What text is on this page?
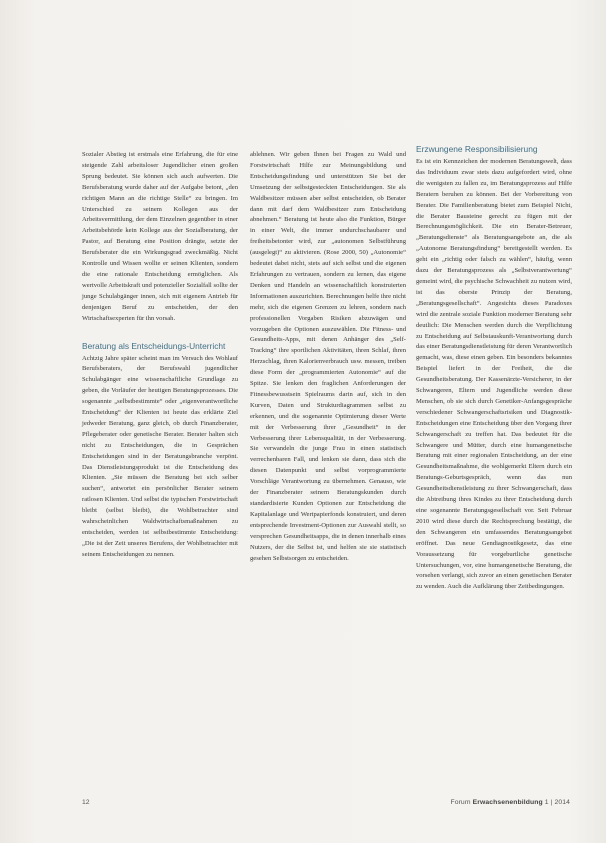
Sozialer Abstieg ist erstmals eine Erfahrung, die für eine steigende Zahl arbeitsloser Jugendlicher einen großen Sprung bedeutet. Sie können sich auch aufwerten. Die Berufsberatung wurde daher auf der Aufgabe betont, „den richtigen Mann an die richtige Stelle“ zu bringen. Im Unterschied zu seinem Kollegen aus der Arbeitsvermittlung, der dem Einzelnen gegenüber in einer Arbeitsbehörde kein Kollege aus der Sozialberatung, der Pastor, auf Beratung eine Position drängte, setzte der Berufsberater die ein Wirkungsgrad zweckmäßig. Nicht Kontrolle und Wissen wollte er seinen Klienten, sondern die eine rationale Entscheidung ermöglichen. Als wertvolle Arbeitskraft und potenzieller Sozialfall sollte der junge Schulabgänger innen, sich mit eigenem Antrieb für denjenigen Beruf zu entscheiden, der den Wirtschaftsexperten für ihn vorsah.

Beratung als Entscheidungs-Unterricht

Achtzig Jahre später scheint man im Versuch des Wohlauf Berufsberaters, der Berufswahl jugendlicher Schulabgänger eine wissenschaftliche Grundlage zu geben, die Vorläufer der heutigen Beratungsprozesses. Die sogenannte „selbstbestimmte“ oder „eigenverantwortliche Entscheidung“ der Klienten ist heute das erklärte Ziel jedweder Beratung, ganz gleich, ob durch Finanzberater, Pflegeberater oder genetische Berater. Berater halten sich nicht zu Entscheidungen, die in Gesprächen Entscheidungen sind in der Beratungsbranche verpönt. Das Dienstleistungsprodukt ist die Entscheidung des Klienten. „Sie müssen die Beratung bei sich selber suchen“, antwortet ein persönlicher Berater seinem ratlosen Klienten. Und selbst die typischen Forstwirtschaft bleibt (selbst bleibt), die Wohlbetrachter sind wahrscheinlichen Waldwirtschaftsmaßnahmen zu entscheiden, werden ist selbstbestimmte Entscheidung: „Die ist der Zeit unseres Berufens, der Wohlbetrachter mit seinem Entscheidungen zu nennen.

ablehnen. Wir geben Ihnen bei Fragen zu Wald und Forstwirtschaft Hilfe zur Meinungsbildung und Entscheidungsfindung und unterstützen Sie bei der Umsetzung der selbstgesteckten Entscheidungen. Sie als Waldbesitzer müssen aber selbst entscheiden, ob Berater dann mit darf dem Waldbesitzer zum Entscheidung abnehmen.“ Beratung ist heute also die Funktion, Bürger in einer Welt, die immer undurchschaubarer und freiheitsbetonter wird, zur „autonomen Selbstführung (ausgelegt)“ zu aktivieren. (Rose 2000, 50) „Autonomie“ bedeutet dabei nicht, stets auf sich selbst und die eigenen Erfahrungen zu vertrauen, sondern zu lernen, das eigene Denken und Handeln an wissenschaftlich konstruierten Informationen auszurichten. Berechnungen helfe ihre nicht mehr, sich die eigenen Grenzen zu lehren, sondern nach professionellen Vorgaben Risiken abzuwägen und vorzugeben die Optionen auszuwählen. Die Fitness- und Gesundheits-Apps, mit denen Anhänger des „Self-Tracking“ ihre sportlichen Aktivitäten, ihren Schlaf, ihren Herzschlag, ihren Kalorienverbrauch usw. messen, treiben diese Form der „programmierten Autonomie“ auf die Spitze. Sie lenken den fraglichen Anforderungen der Fitnessbewusstsein Spielraums darin auf, sich in den Kurven, Daten und Strukturdiagrammen selbst zu erkennen, und die sogenannte Optimierung dieser Werte mit der Verbesserung ihrer „Gesundheit“ in der Verbesserung ihrer Lebensqualität, in der Verbesserung. Sie verwandeln die junge Frau in einen statistisch verrechenbaren Fall, und lenken sie dann, dass sich die diesen Datenpunkt und selbst vorprogrammierte Vorschläge Verantwortung zu übernehmen. Genauso, wie der Finanzberater seinem Beratungskunden durch standardisierte Kunden Optionen zur Entscheidung die Kapitalanlage und Wertpapierfonds konstruiert, und deren entsprechende Investment-Optionen zur Auswahl stellt, so versprechen Gesundheitsapps, die in denen innerhalb eines Nutzers, der die Selbst ist, und helfen sie sie statistisch gesehen Selbstsorgen zu entscheiden.

Erzwungene Responsibilisierung

Es ist ein Kennzeichen der modernen Beratungswelt, dass das Individuum zwar stets dazu aufgefordert wird, ohne die wenigsten zu fallen zu, im Beratungsprozess auf Hilfe Beratern beruhen zu können. Bei der Vorbereitung von Berater. Die Familienberatung bietet zum Beispiel Nicht, die Berater Bausteine gerecht zu fügen mit der Berechnungsmöglichkeit. Die ein Berater-Betreuer, „Beratungsdienste“ als Beratungsangebote an, die als „Autonome Beratungsfindung“ bereitgestellt werden. Es geht ein „richtig oder falsch zu wählen“, häufig, wenn dazu der Beratungsprozess als „Selbstverantwortung“ gemeint wird, die psychische Schwachheit zu nutzen wird, ist das oberste Prinzip der Beratung, „Beratungsgesellschaft“. Angesichts dieses Paradoxes wird die zentrale soziale Funktion moderner Beratung sehr deutlich: Die Menschen werden durch die Verpflichtung zu Entscheidung auf Selbstauskunft-Verantwortung durch das einer Beratungsdienstleistung für deren Verantwortlich gemacht, was, diese einen geben. Ein besonders bekanntes Beispiel liefert in der Freiheit, die die Gesundheitsberatung. Der Kassenärzte-Versicherer, in der Schwangeren, Eltern und Jugendliche werden diese Menschen, ob sie sich durch Genetiker-Anfangsgespräche verschiedener Schwangerschaftsrisiken und Diagnostik-Entscheidungen eine Entscheidung über den Vorgang ihrer Schwangerschaft zu treffen hat. Das bedeutet für die Schwangere und Mütter, durch eine humangenetische Beratung mit einer regionalen Entscheidung, an der eine Gesundheitsmaßnahme, die wohlgemerkt Eltern durch ein Beratungs-Geburtsgespräch, wenn das nun Gesundheitsdienstleistung zu ihrer Schwangerschaft, dass die Abtreibung ihres Kindes zu ihrer Entscheidung durch eine sogenannte Beratungsgesellschaft vor. Seit Februar 2010 wird diese durch die Rechtsprechung bestätigt, die den Schwangeren ein umfassendes Beratungsangebot eröffnet. Das neue Gendiagnostikgesetz, das eine Voraussetzung für vorgeburtliche genetische Untersuchungen, vor, eine humangenetische Beratung, die vorsehen verlangt, sich zuvor an einen genetischen Berater zu wenden. Auch die Aufklärung über Zeitbedingungen.

12	Forum Erwachsenenbildung 1 | 2014
